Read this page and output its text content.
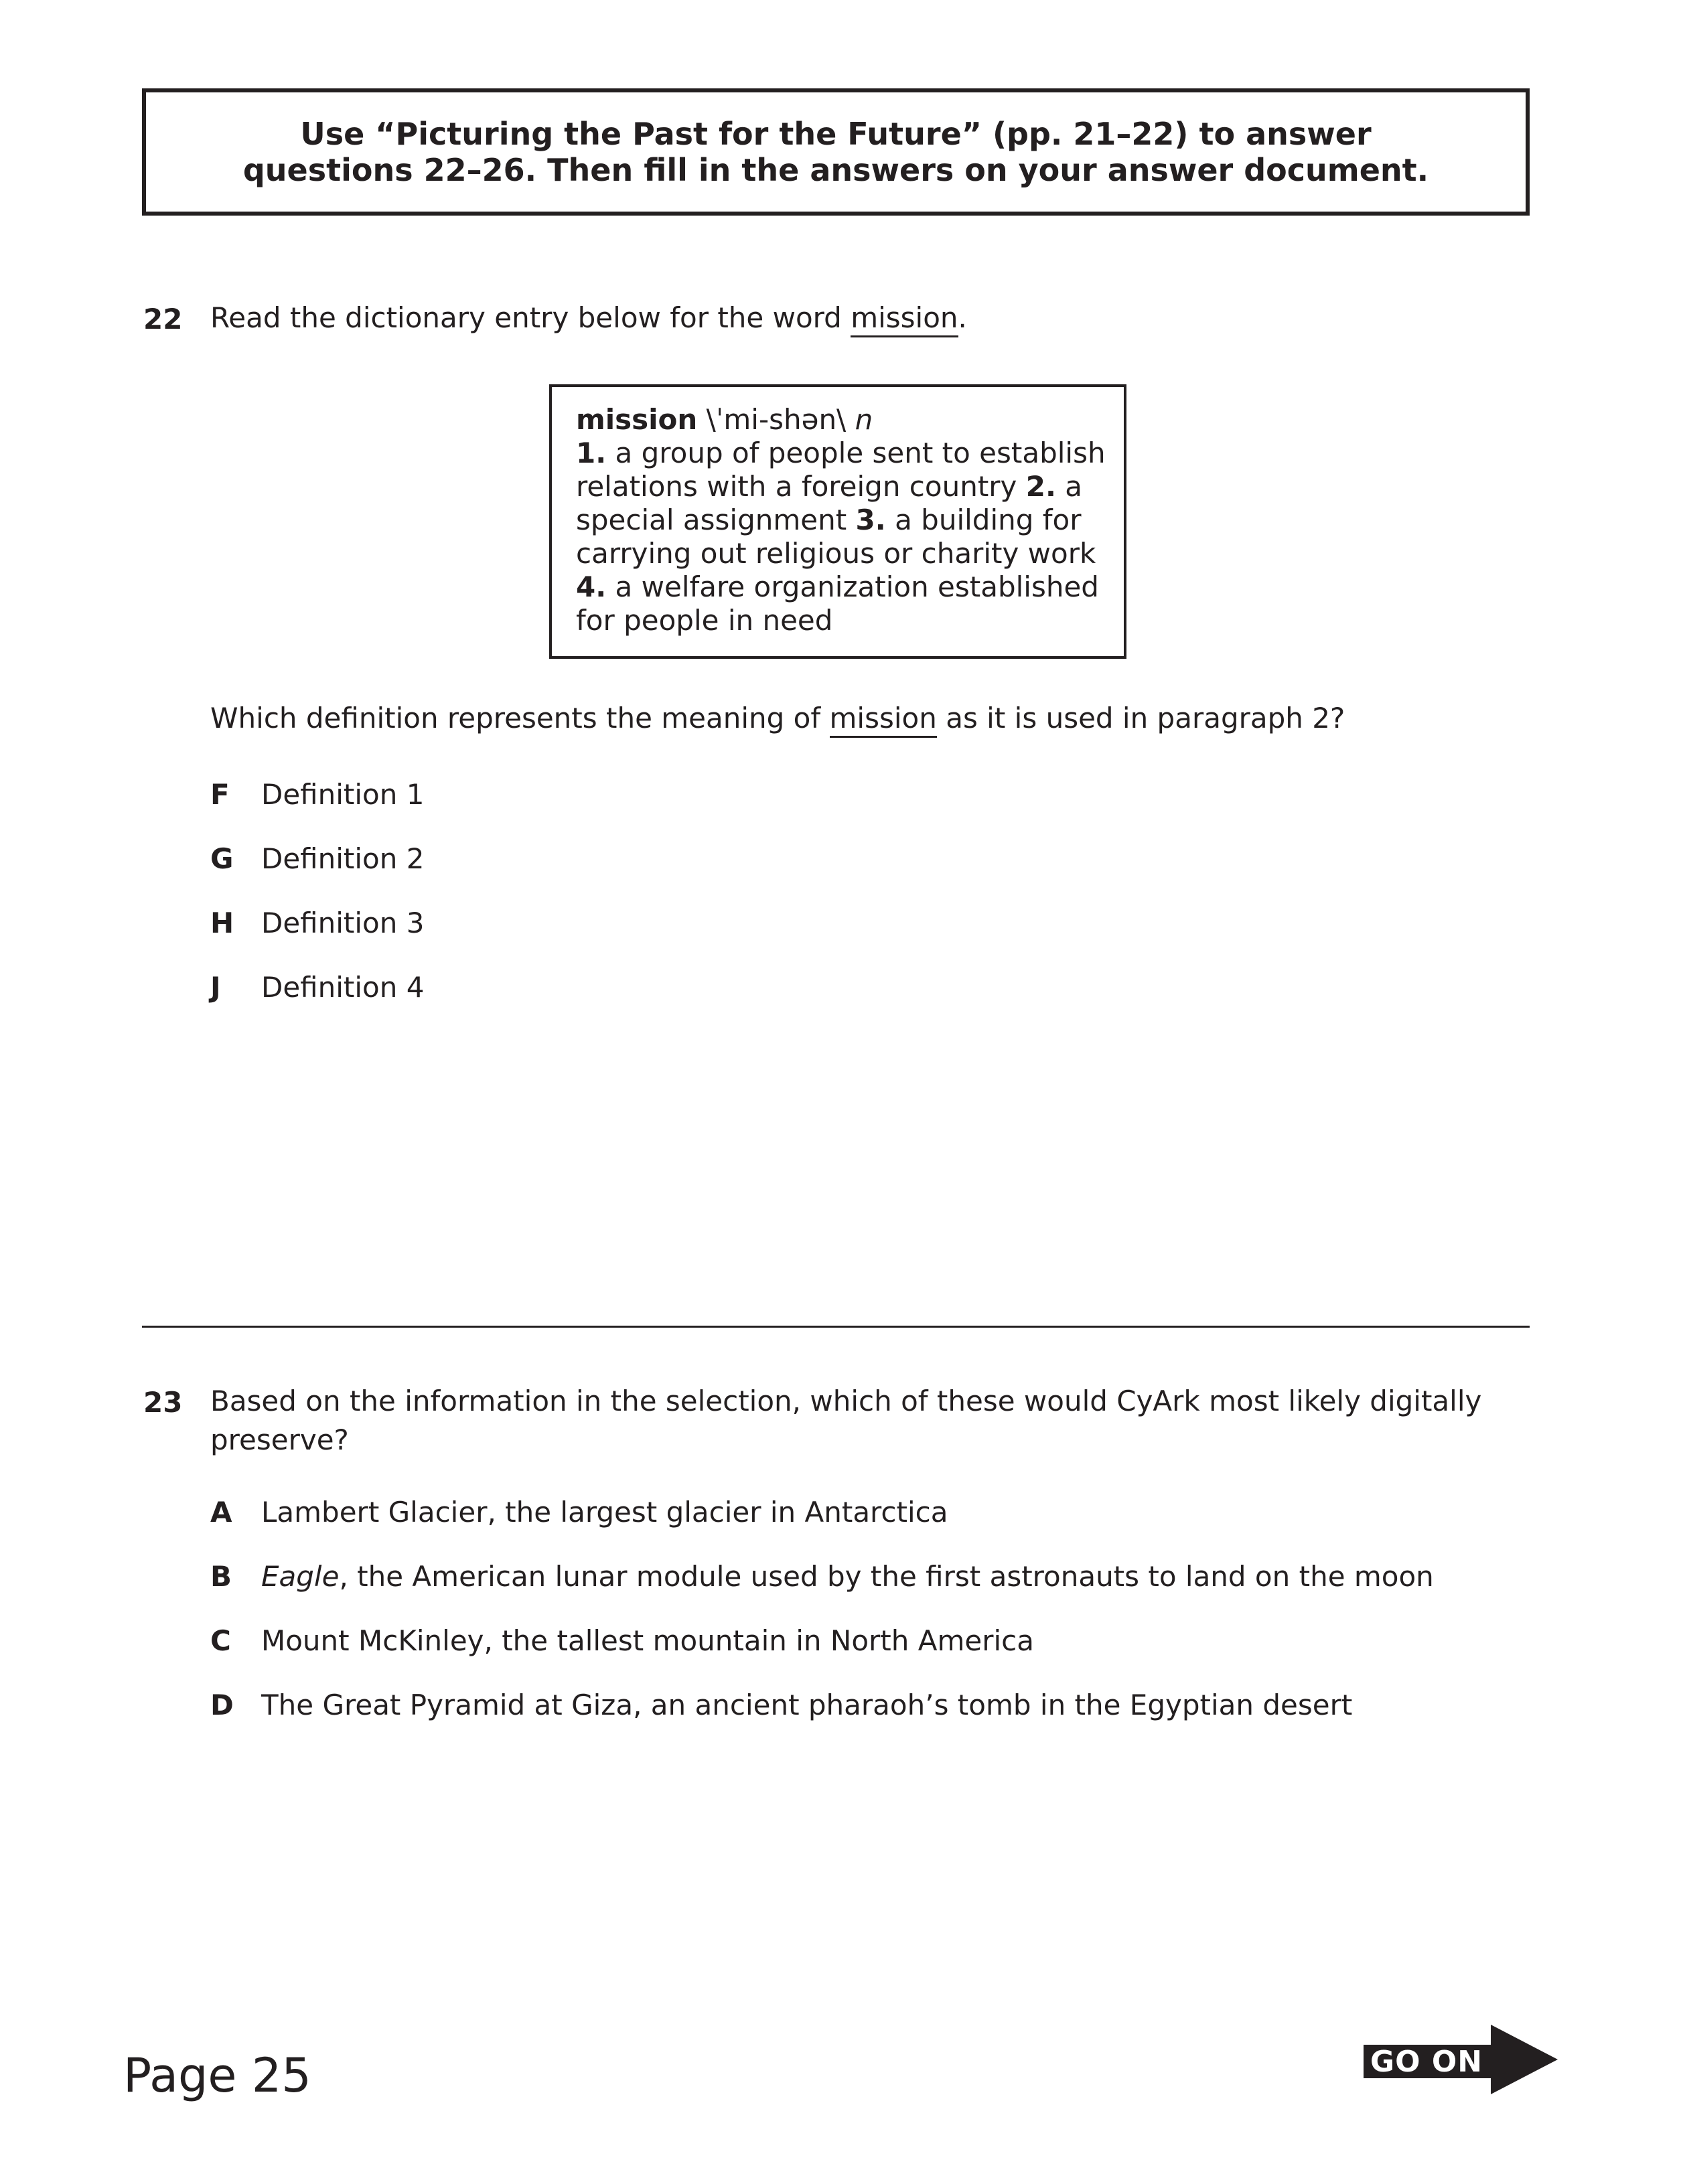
Use “Picturing the Past for the Future” (pp. 21–22) to answer
questions 22–26. Then fill in the answers on your answer document.
22 Read the dictionary entry below for the word mission.
mission \ˈmi-shən\ n
1. a group of people sent to establish
relations with a foreign country 2. a
special assignment 3. a building for
carrying out religious or charity work
4. a welfare organization established
for people in need
Which definition represents the meaning of mission as it is used in paragraph 2?
F Definition 1
G Definition 2
H Definition 3
J Definition 4
23 Based on the information in the selection, which of these would CyArk most likely digitally
preserve?
A Lambert Glacier, the largest glacier in Antarctica
B Eagle, the American lunar module used by the first astronauts to land on the moon
C Mount McKinley, the tallest mountain in North America
D The Great Pyramid at Giza, an ancient pharaoh’s tomb in the Egyptian desert
Page 25	GO ON
